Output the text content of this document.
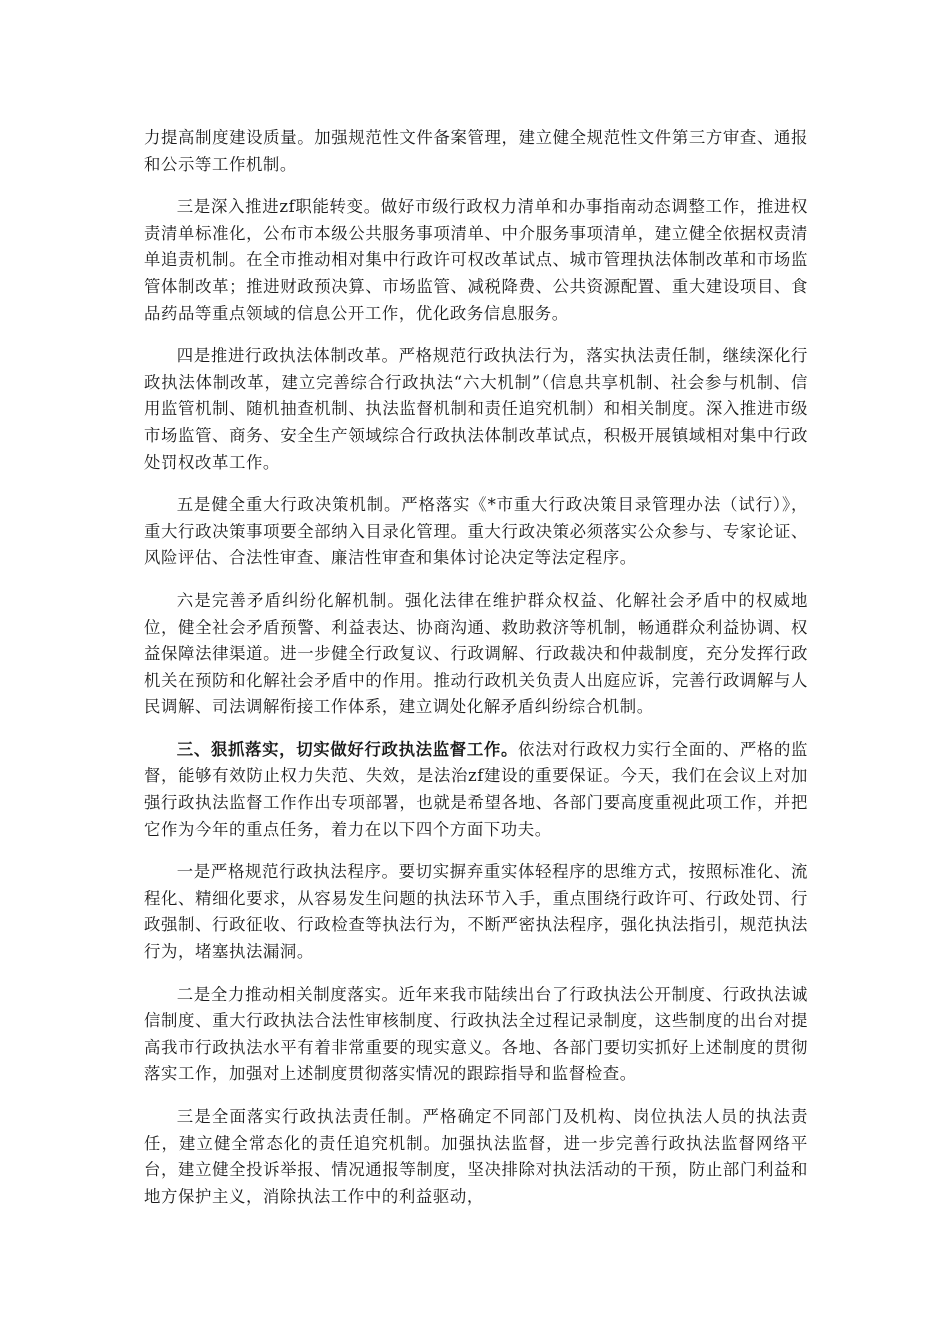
力提高制度建设质量。加强规范性文件备案管理，建立健全规范性文件第三方审查、通报和公示等工作机制。

三是深入推进zf职能转变。做好市级行政权力清单和办事指南动态调整工作，推进权责清单标准化，公布市本级公共服务事项清单、中介服务事项清单，建立健全依据权责清单追责机制。在全市推动相对集中行政许可权改革试点、城市管理执法体制改革和市场监管体制改革；推进财政预决算、市场监管、减税降费、公共资源配置、重大建设项目、食品药品等重点领域的信息公开工作，优化政务信息服务。

四是推进行政执法体制改革。严格规范行政执法行为，落实执法责任制，继续深化行政执法体制改革，建立完善综合行政执法“六大机制”（信息共享机制、社会参与机制、信用监管机制、随机抽查机制、执法监督机制和责任追究机制）和相关制度。深入推进市级市场监管、商务、安全生产领域综合行政执法体制改革试点，积极开展镇域相对集中行政处罚权改革工作。

五是健全重大行政决策机制。严格落实《*市重大行政决策目录管理办法（试行）》，重大行政决策事项要全部纳入目录化管理。重大行政决策必须落实公众参与、专家论证、风险评估、合法性审查、廉洁性审查和集体讨论决定等法定程序。

六是完善矛盾纠纷化解机制。强化法律在维护群众权益、化解社会矛盾中的权威地位，健全社会矛盾预警、利益表达、协商沟通、救助救济等机制，畅通群众利益协调、权益保障法律渠道。进一步健全行政复议、行政调解、行政裁决和仲裁制度，充分发挥行政机关在预防和化解社会矛盾中的作用。推动行政机关负责人出庭应诉，完善行政调解与人民调解、司法调解衔接工作体系，建立调处化解矛盾纠纷综合机制。

三、狠抓落实，切实做好行政执法监督工作。依法对行政权力实行全面的、严格的监督，能够有效防止权力失范、失效，是法治zf建设的重要保证。今天，我们在会议上对加强行政执法监督工作作出专项部署，也就是希望各地、各部门要高度重视此项工作，并把它作为今年的重点任务，着力在以下四个方面下功夫。

一是严格规范行政执法程序。要切实摒弃重实体轻程序的思维方式，按照标准化、流程化、精细化要求，从容易发生问题的执法环节入手，重点围绕行政许可、行政处罚、行政强制、行政征收、行政检查等执法行为，不断严密执法程序，强化执法指引，规范执法行为，堵塞执法漏洞。

二是全力推动相关制度落实。近年来我市陆续出台了行政执法公开制度、行政执法诚信制度、重大行政执法合法性审核制度、行政执法全过程记录制度，这些制度的出台对提高我市行政执法水平有着非常重要的现实意义。各地、各部门要切实抓好上述制度的贯彻落实工作，加强对上述制度贯彻落实情况的跟踪指导和监督检查。

三是全面落实行政执法责任制。严格确定不同部门及机构、岗位执法人员的执法责任，建立健全常态化的责任追究机制。加强执法监督，进一步完善行政执法监督网络平台，建立健全投诉举报、情况通报等制度，坚决排除对执法活动的干预，防止部门利益和地方保护主义，消除执法工作中的利益驱动，
